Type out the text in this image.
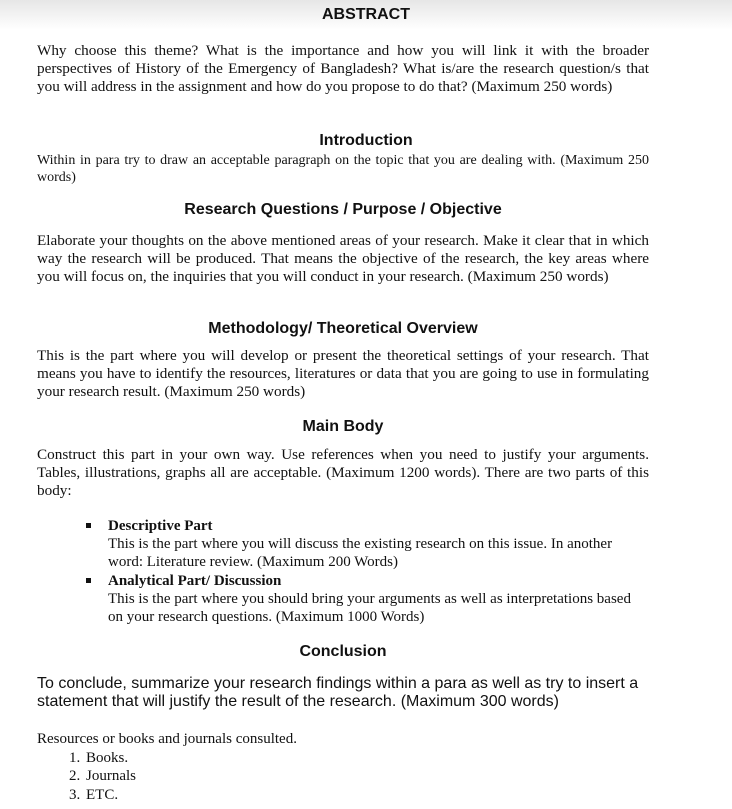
ABSTRACT

Why choose this theme? What is the importance and how you will link it with the broader perspectives of History of the Emergency of Bangladesh? What is/are the research question/s that you will address in the assignment and how do you propose to do that? (Maximum 250 words)

Introduction

Within in para try to draw an acceptable paragraph on the topic that you are dealing with. (Maximum 250 words)

Research Questions / Purpose / Objective

Elaborate your thoughts on the above mentioned areas of your research. Make it clear that in which way the research will be produced. That means the objective of the research, the key areas where you will focus on, the inquiries that you will conduct in your research. (Maximum 250 words)

Methodology/ Theoretical Overview

This is the part where you will develop or present the theoretical settings of your research. That means you have to identify the resources, literatures or data that you are going to use in formulating your research result. (Maximum 250 words)

Main Body

Construct this part in your own way. Use references when you need to justify your arguments. Tables, illustrations, graphs all are acceptable. (Maximum 1200 words). There are two parts of this body:

Descriptive Part

This is the part where you will discuss the existing research on this issue. In another word: Literature review. (Maximum 200 Words)

Analytical Part/ Discussion

This is the part where you should bring your arguments as well as interpretations based on your research questions. (Maximum 1000 Words)

Conclusion

To conclude, summarize your research findings within a para as well as try to insert a statement that will justify the result of the research. (Maximum 300 words)

Resources or books and journals consulted.

1. Books.
2. Journals
3. ETC.
